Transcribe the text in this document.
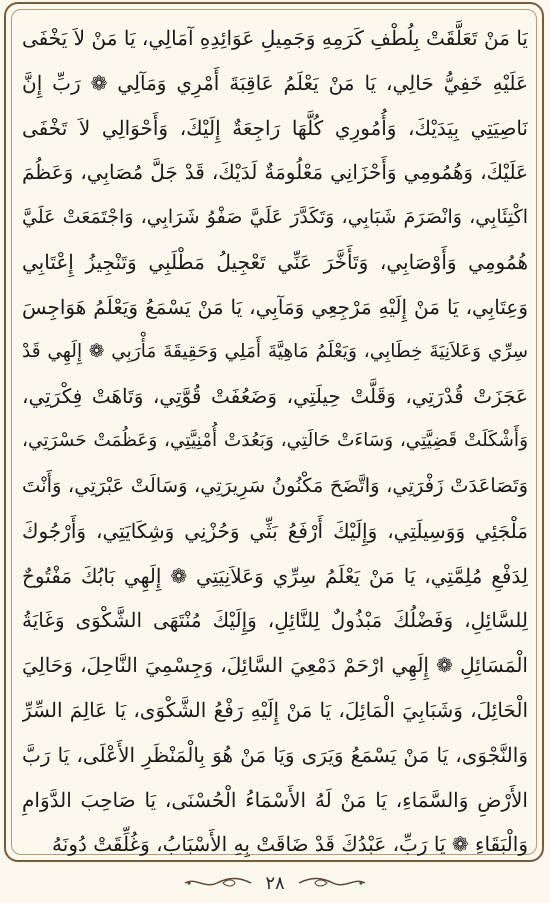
يَا مَنْ تَعَلَّقَتْ بِلُطْفِ كَرَمِهِ وَجَمِيلِ عَوَائِدِهِ آمَالِي، يَا مَنْ لاَ يَخْفَى
عَلَيْهِ خَفِيُّ حَالِي، يَا مَنْ يَعْلَمُ عَاقِبَةَ أَمْرِي وَمَآلِي ❁ رَبِّ إِنَّ
نَاصِيَتِي بِيَدَيْكَ، وَأُمُورِي كُلَّهَا رَاجِعَةٌ إِلَيْكَ، وَأَحْوَالِي لاَ تَخْفَى
عَلَيْكَ، وَهُمُومِي وَأَحْزَانِي مَعْلُومَةٌ لَدَيْكَ، قَدْ جَلَّ مُصَابِي، وَعَظُمَ
اكْتِئَابِي، وَانْصَرَمَ شَبَابِي، وَتَكَدَّرَ عَلَيَّ صَفْوُ شَرَابِي، وَاجْتَمَعَتْ عَلَيَّ
هُمُومِي وَأَوْصَابِي، وَتَأَخَّرَ عَنِّي تَعْجِيلُ مَطْلَبِي وَتَنْجِيزُ إِعْتَابِي
وَعِتَابِي، يَا مَنْ إِلَيْهِ مَرْجِعِي وَمَآبِي، يَا مَنْ يَسْمَعُ وَيَعْلَمُ هَوَاجِسَ
سِرِّي وَعَلاَنِيَةَ خِطَابِي، وَيَعْلَمُ مَاهِيَّةَ أَمَلِي وَحَقِيقَةَ مَأْرَبِي ❁ إِلَهِي قَدْ
عَجَزَتْ قُدْرَتِي، وَقَلَّتْ حِيلَتِي، وَضَعُفَتْ قُوَّتِي، وَتَاهَتْ فِكْرَتِي،
وَأَشْكَلَتْ قَضِيَّتِي، وَسَاءَتْ حَالَتِي، وَبَعُدَتْ أُمْنِيَّتِي، وَعَظُمَتْ حَسْرَتِي،
وَتَصَاعَدَتْ زَفْرَتِي، وَاتَّضَحَ مَكْنُونُ سَرِيرَتِي، وَسَالَتْ عَبْرَتِي، وَأَنْتَ
مَلْجَئِي وَوَسِيلَتِي، وَإِلَيْكَ أَرْفَعُ بَثِّي وَحُزْنِي وَشِكَايَتِي، وَأَرْجُوكَ
لِدَفْعِ مُلِمَّتِي، يَا مَنْ يَعْلَمُ سِرِّي وَعَلاَنِيَتِي ❁ إِلَهِي بَابُكَ مَفْتُوحٌ
لِلسَّائِلِ، وَفَضْلُكَ مَبْذُولٌ لِلنَّائِلِ، وَإِلَيْكَ مُنْتَهَى الشَّكْوَى وَغَايَةُ
الْمَسَائِلِ ❁ إِلَهِي ارْحَمْ دَمْعِيَ السَّائِلَ، وَجِسْمِيَ النَّاحِلَ، وَحَالِيَ
الْحَائِلَ، وَشَبَابِيَ الْمَائِلَ، يَا مَنْ إِلَيْهِ رَفْعُ الشَّكْوَى، يَا عَالِمَ السِّرِّ
وَالنَّجْوَى، يَا مَنْ يَسْمَعُ وَيَرَى وَيَا مَنْ هُوَ بِالْمَنْظَرِ الأَعْلَى، يَا رَبَّ
الأَرْضِ وَالسَّمَاءِ، يَا مَنْ لَهُ الأَسْمَاءُ الْحُسْنَى، يَا صَاحِبَ الدَّوَامِ
وَالْبَقَاءِ ❁ يَا رَبِّ، عَبْدُكَ قَدْ ضَاقَتْ بِهِ الأَسْبَابُ، وَغُلِّقَتْ دُونَهُ
٢٨
